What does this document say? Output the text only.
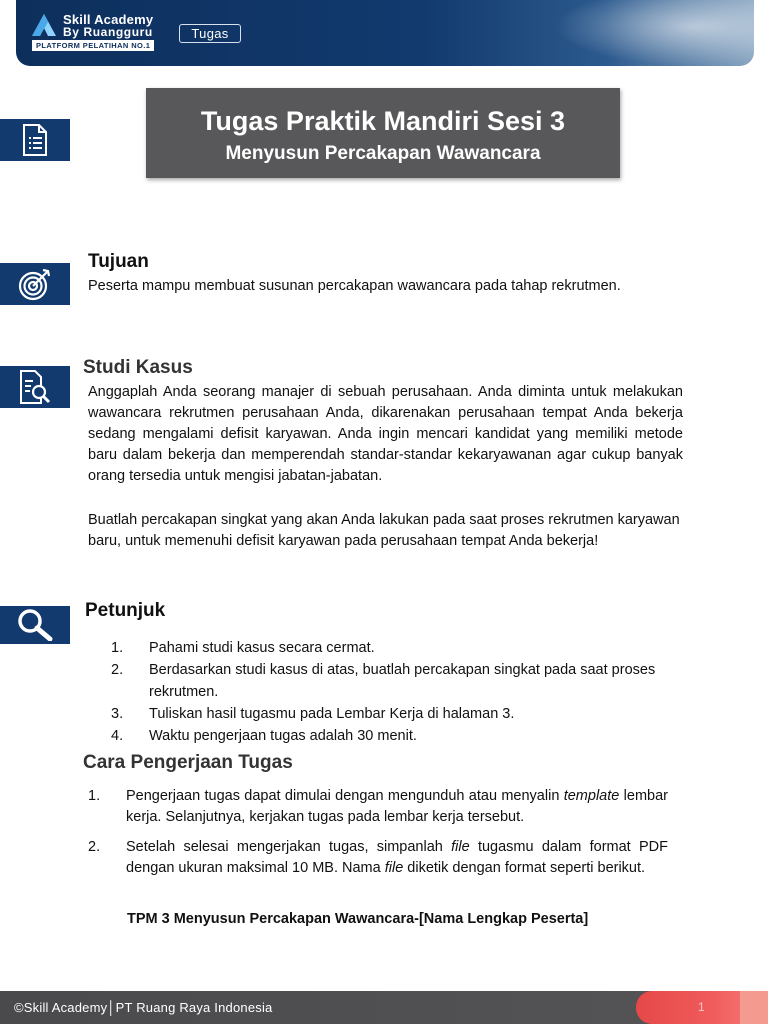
Skill Academy
By Ruangguru
PLATFORM PELATIHAN NO.1
Tugas
Tugas Praktik Mandiri Sesi 3
Menyusun Percakapan Wawancara
Tujuan
Peserta mampu membuat susunan percakapan wawancara pada tahap rekrutmen.
Studi Kasus
Anggaplah Anda seorang manajer di sebuah perusahaan. Anda diminta untuk melakukan wawancara rekrutmen perusahaan Anda, dikarenakan perusahaan tempat Anda bekerja sedang mengalami defisit karyawan. Anda ingin mencari kandidat yang memiliki metode baru dalam bekerja dan memperendah standar-standar kekaryawanan agar cukup banyak orang tersedia untuk mengisi jabatan-jabatan.
Buatlah percakapan singkat yang akan Anda lakukan pada saat proses rekrutmen karyawan baru, untuk memenuhi defisit karyawan pada perusahaan tempat Anda bekerja!
Petunjuk
1. Pahami studi kasus secara cermat.
2. Berdasarkan studi kasus di atas, buatlah percakapan singkat pada saat proses rekrutmen.
3. Tuliskan hasil tugasmu pada Lembar Kerja di halaman 3.
4. Waktu pengerjaan tugas adalah 30 menit.
Cara Pengerjaan Tugas
1.	Pengerjaan tugas dapat dimulai dengan mengunduh atau menyalin template lembar kerja. Selanjutnya, kerjakan tugas pada lembar kerja tersebut.
2.	Setelah selesai mengerjakan tugas, simpanlah file tugasmu dalam format PDF dengan ukuran maksimal 10 MB. Nama file diketik dengan format seperti berikut.
TPM 3 Menyusun Percakapan Wawancara-[Nama Lengkap Peserta]
©Skill Academy│PT Ruang Raya Indonesia	1
